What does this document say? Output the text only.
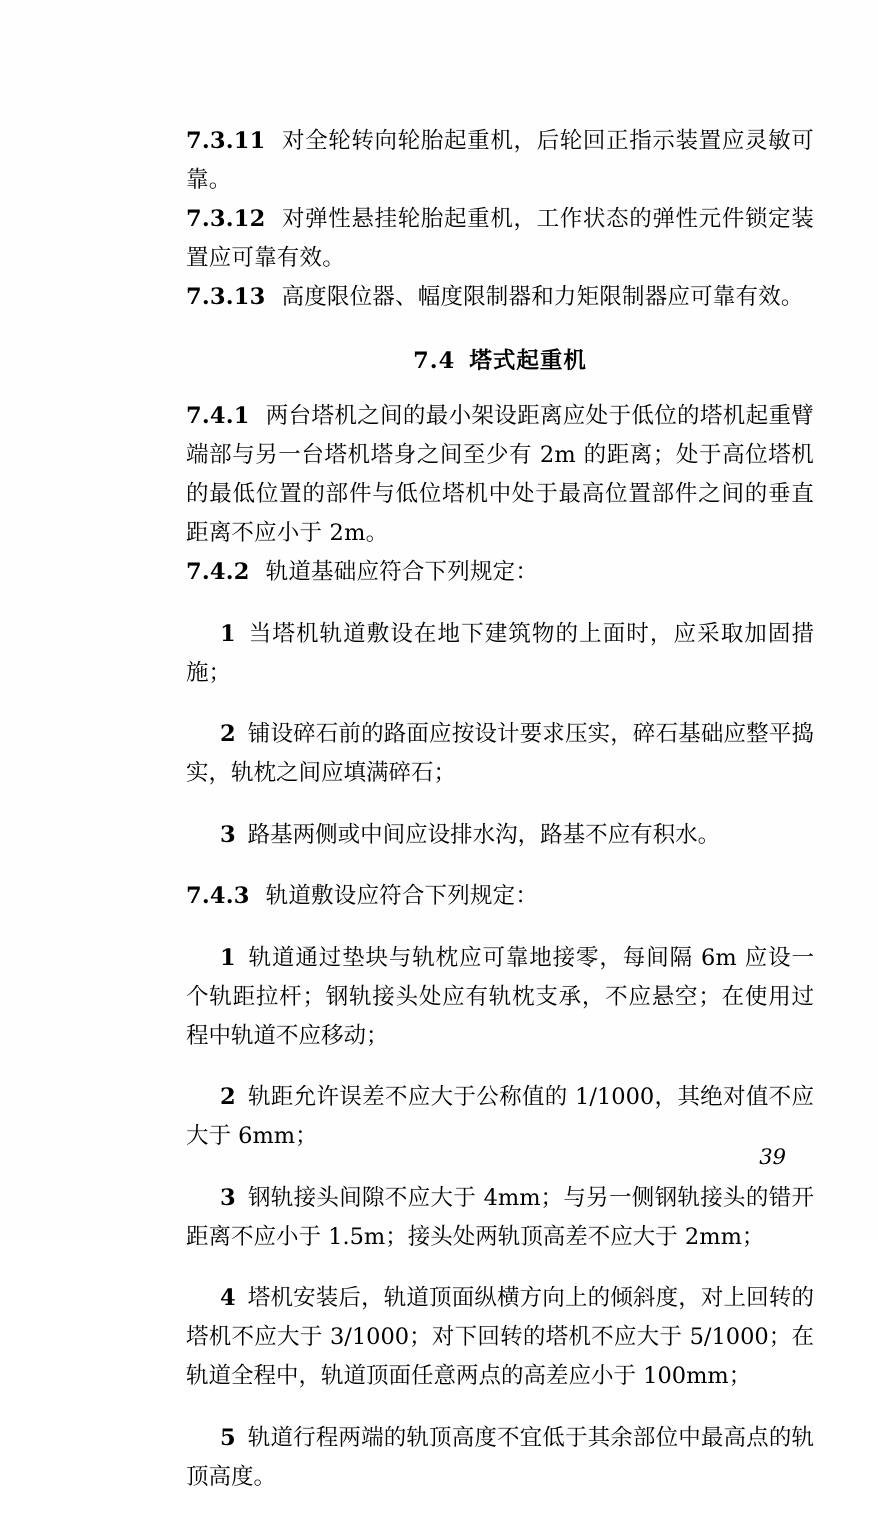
7.3.11 对全轮转向轮胎起重机，后轮回正指示装置应灵敏可靠。

7.3.12 对弹性悬挂轮胎起重机，工作状态的弹性元件锁定装置应可靠有效。

7.3.13 高度限位器、幅度限制器和力矩限制器应可靠有效。

7.4 塔式起重机

7.4.1 两台塔机之间的最小架设距离应处于低位的塔机起重臂端部与另一台塔机塔身之间至少有 2m 的距离；处于高位塔机的最低位置的部件与低位塔机中处于最高位置部件之间的垂直距离不应小于 2m。

7.4.2 轨道基础应符合下列规定：

1 当塔机轨道敷设在地下建筑物的上面时，应采取加固措施；

2 铺设碎石前的路面应按设计要求压实，碎石基础应整平捣实，轨枕之间应填满碎石；

3 路基两侧或中间应设排水沟，路基不应有积水。

7.4.3 轨道敷设应符合下列规定：

1 轨道通过垫块与轨枕应可靠地接零，每间隔 6m 应设一个轨距拉杆；钢轨接头处应有轨枕支承，不应悬空；在使用过程中轨道不应移动；

2 轨距允许误差不应大于公称值的 1/1000，其绝对值不应大于 6mm；

3 钢轨接头间隙不应大于 4mm；与另一侧钢轨接头的错开距离不应小于 1.5m；接头处两轨顶高差不应大于 2mm；

4 塔机安装后，轨道顶面纵横方向上的倾斜度，对上回转的塔机不应大于 3/1000；对下回转的塔机不应大于 5/1000；在轨道全程中，轨道顶面任意两点的高差应小于 100mm；

5 轨道行程两端的轨顶高度不宜低于其余部位中最高点的轨顶高度。

39
